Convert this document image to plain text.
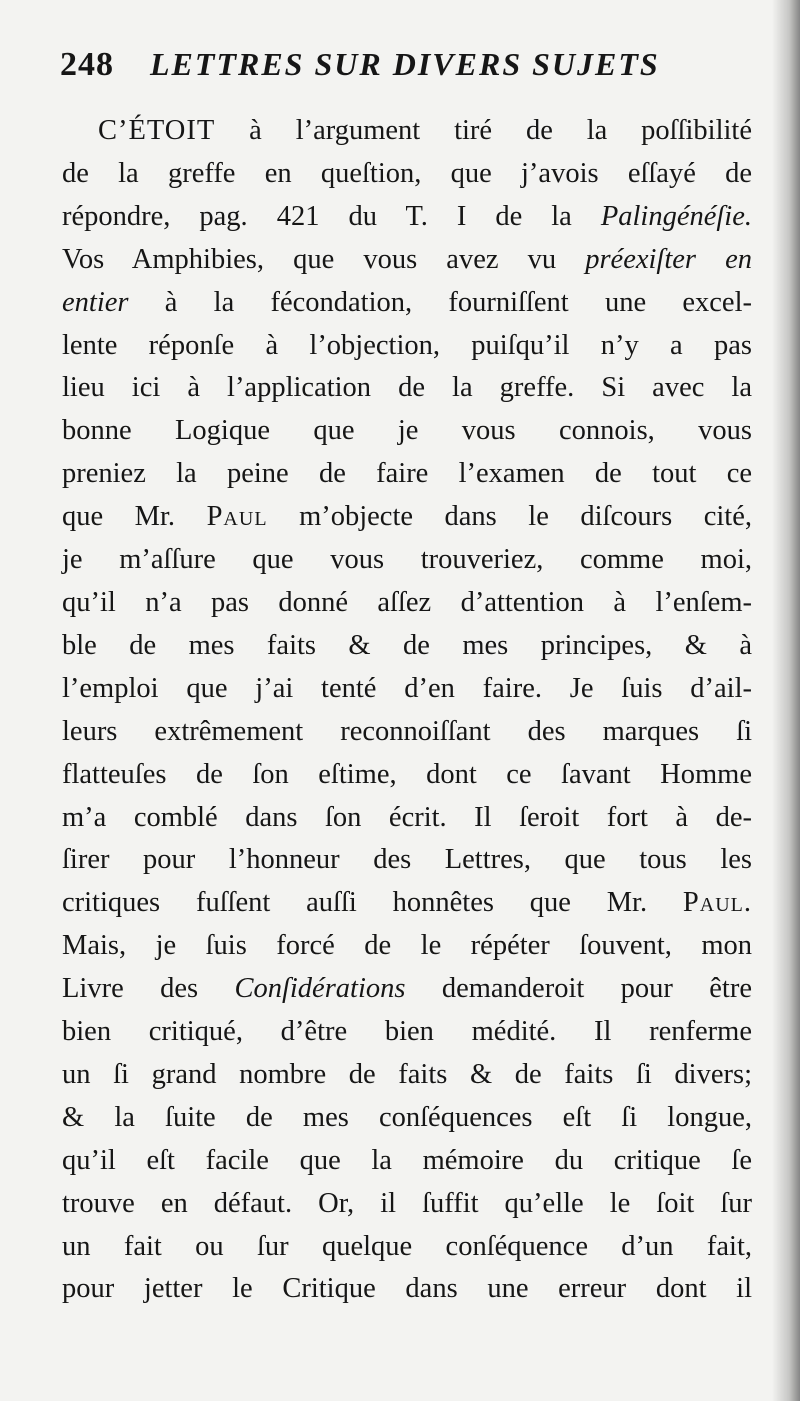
248 LETTRES SUR DIVERS SUJETS
C’ÉTOIT à l’argument tiré de la poſſibilité
de la greffe en queſtion, que j’avois eſſayé de
répondre, pag. 421 du T. I de la Palingénéſie.
Vos Amphibies, que vous avez vu préexiſter en
entier à la fécondation, fourniſſent une excel-
lente réponſe à l’objection, puiſqu’il n’y a pas
lieu ici à l’application de la greffe. Si avec la
bonne Logique que je vous connois, vous
preniez la peine de faire l’examen de tout ce
que Mr. Paul m’objecte dans le diſcours cité,
je m’aſſure que vous trouveriez, comme moi,
qu’il n’a pas donné aſſez d’attention à l’enſem-
ble de mes faits & de mes principes, & à
l’emploi que j’ai tenté d’en faire. Je ſuis d’ail-
leurs extrêmement reconnoiſſant des marques ſi
flatteuſes de ſon eſtime, dont ce ſavant Homme
m’a comblé dans ſon écrit. Il ſeroit fort à de-
ſirer pour l’honneur des Lettres, que tous les
critiques fuſſent auſſi honnêtes que Mr. Paul.
Mais, je ſuis forcé de le répéter ſouvent, mon
Livre des Conſidérations demanderoit pour être
bien critiqué, d’être bien médité. Il renferme
un ſi grand nombre de faits & de faits ſi divers;
& la ſuite de mes conſéquences eſt ſi longue,
qu’il eſt facile que la mémoire du critique ſe
trouve en défaut. Or, il ſuffit qu’elle le ſoit ſur
un fait ou ſur quelque conſéquence d’un fait,
pour jetter le Critique dans une erreur dont il
